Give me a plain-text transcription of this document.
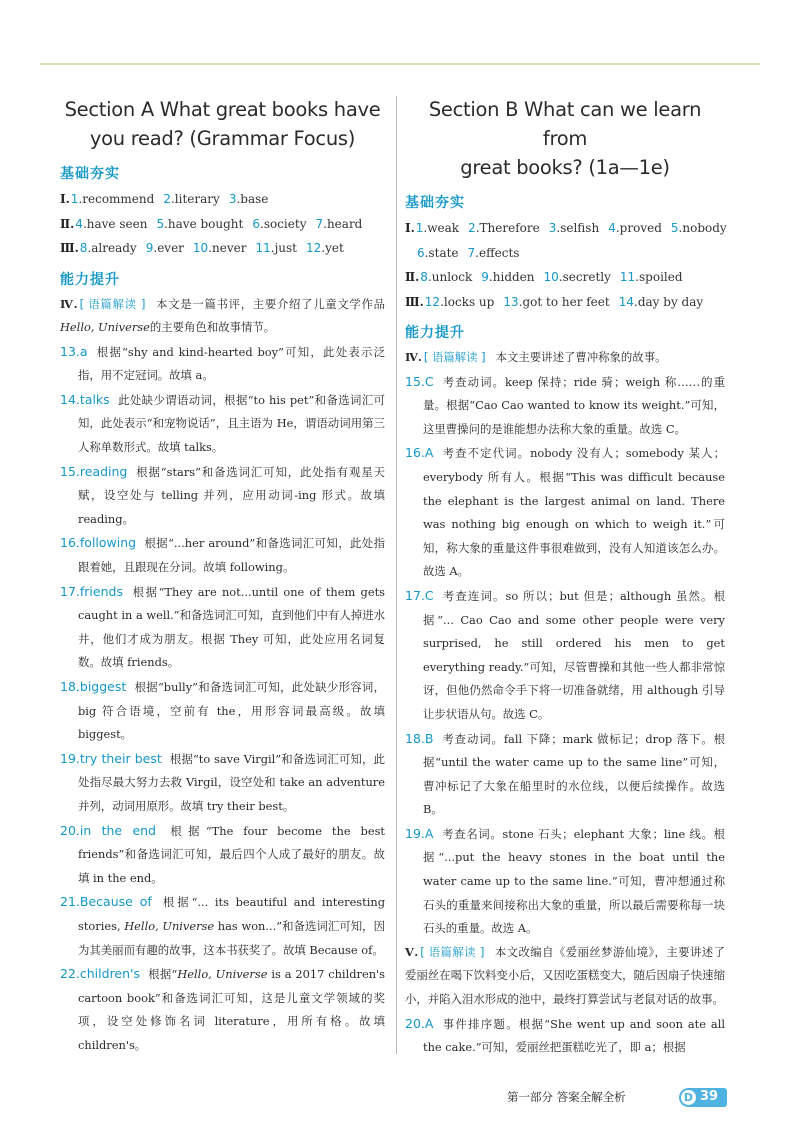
Section A What great books have
you read? (Grammar Focus)
基础夯实
Ⅰ.1.recommend 2.literary 3.base
Ⅱ.4.have seen 5.have bought 6.society 7.heard
Ⅲ.8.already 9.ever 10.never 11.just 12.yet
能力提升

Ⅳ. [ 语篇解读 ] 本文是一篇书评，主要介绍了儿童文学作品Hello, Universe的主要角色和故事情节。

13.a 根据“shy and kind-hearted boy”可知，此处表示泛指，用不定冠词。故填 a。

14.talks 此处缺少谓语动词，根据“to his pet”和备选词汇可知，此处表示“和宠物说话”，且主语为 He，谓语动词用第三人称单数形式。故填 talks。

15.reading 根据“stars”和备选词汇可知，此处指有观星天赋，设空处与 telling 并列，应用动词-ing 形式。故填 reading。

16.following 根据“...her around”和备选词汇可知，此处指跟着她，且跟现在分词。故填 following。

17.friends 根据“They are not...until one of them gets caught in a well.”和备选词汇可知，直到他们中有人掉进水井，他们才成为朋友。根据 They 可知，此处应用名词复数。故填 friends。

18.biggest 根据“bully”和备选词汇可知，此处缺少形容词，big 符合语境，空前有 the，用形容词最高级。故填 biggest。

19.try their best 根据“to save Virgil”和备选词汇可知，此处指尽最大努力去救 Virgil，设空处和 take an adventure 并列，动词用原形。故填 try their best。

20.in the end 根据“The four become the best friends”和备选词汇可知，最后四个人成了最好的朋友。故填 in the end。

21.Because of 根据“... its beautiful and interesting stories, Hello, Universe has won...”和备选词汇可知，因为其美丽而有趣的故事，这本书获奖了。故填 Because of。

22.children's 根据“Hello, Universe is a 2017 children's cartoon book”和备选词汇可知，这是儿童文学领域的奖项，设空处修饰名词 literature，用所有格。故填 children's。

Section B What can we learn from
great books? (1a—1e)
基础夯实
Ⅰ.1.weak 2.Therefore 3.selfish 4.proved 5.nobody
6.state 7.effects
Ⅱ.8.unlock 9.hidden 10.secretly 11.spoiled
Ⅲ.12.locks up 13.got to her feet 14.day by day
能力提升

Ⅳ. [ 语篇解读 ] 本文主要讲述了曹冲称象的故事。

15.C 考查动词。keep 保持；ride 骑；weigh 称……的重量。根据“Cao Cao wanted to know its weight.”可知，这里曹操问的是谁能想办法称大象的重量。故选 C。

16.A 考查不定代词。nobody 没有人；somebody 某人；everybody 所有人。根据“This was difficult because the elephant is the largest animal on land. There was nothing big enough on which to weigh it.”可知，称大象的重量这件事很难做到，没有人知道该怎么办。故选 A。

17.C 考查连词。so 所以；but 但是；although 虽然。根据“... Cao Cao and some other people were very surprised, he still ordered his men to get everything ready.”可知，尽管曹操和其他一些人都非常惊讶，但他仍然命令手下将一切准备就绪，用 although 引导让步状语从句。故选 C。

18.B 考查动词。fall 下降；mark 做标记；drop 落下。根据“until the water came up to the same line”可知，曹冲标记了大象在船里时的水位线，以便后续操作。故选 B。

19.A 考查名词。stone 石头；elephant 大象；line 线。根据“...put the heavy stones in the boat until the water came up to the same line.”可知，曹冲想通过称石头的重量来间接称出大象的重量，所以最后需要称每一块石头的重量。故选 A。

Ⅴ. [ 语篇解读 ] 本文改编自《爱丽丝梦游仙境》，主要讲述了爱丽丝在喝下饮料变小后，又因吃蛋糕变大，随后因扇子快速缩小，并陷入泪水形成的池中，最终打算尝试与老鼠对话的故事。

20.A 事件排序题。根据“She went up and soon ate all the cake.”可知，爱丽丝把蛋糕吃光了，即 a；根据

第一部分 答案全解全析	D 39
